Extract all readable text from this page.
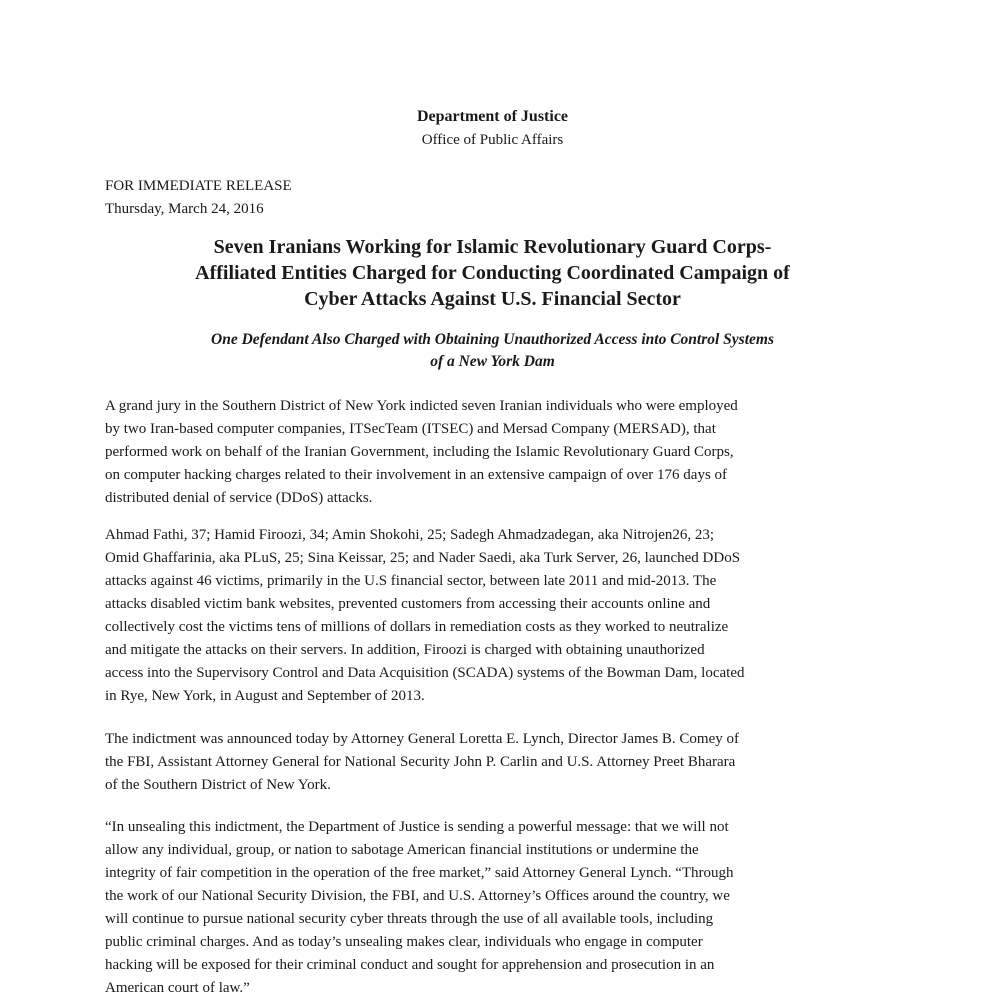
Department of Justice
Office of Public Affairs
FOR IMMEDIATE RELEASE
Thursday, March 24, 2016
Seven Iranians Working for Islamic Revolutionary Guard Corps-
Affiliated Entities Charged for Conducting Coordinated Campaign of
Cyber Attacks Against U.S. Financial Sector
One Defendant Also Charged with Obtaining Unauthorized Access into Control Systems
of a New York Dam
A grand jury in the Southern District of New York indicted seven Iranian individuals who were employed
by two Iran-based computer companies, ITSecTeam (ITSEC) and Mersad Company (MERSAD), that
performed work on behalf of the Iranian Government, including the Islamic Revolutionary Guard Corps,
on computer hacking charges related to their involvement in an extensive campaign of over 176 days of
distributed denial of service (DDoS) attacks.
Ahmad Fathi, 37; Hamid Firoozi, 34; Amin Shokohi, 25; Sadegh Ahmadzadegan, aka Nitrojen26, 23;
Omid Ghaffarinia, aka PLuS, 25; Sina Keissar, 25; and Nader Saedi, aka Turk Server, 26, launched DDoS
attacks against 46 victims, primarily in the U.S financial sector, between late 2011 and mid-2013. The
attacks disabled victim bank websites, prevented customers from accessing their accounts online and
collectively cost the victims tens of millions of dollars in remediation costs as they worked to neutralize
and mitigate the attacks on their servers. In addition, Firoozi is charged with obtaining unauthorized
access into the Supervisory Control and Data Acquisition (SCADA) systems of the Bowman Dam, located
in Rye, New York, in August and September of 2013.
The indictment was announced today by Attorney General Loretta E. Lynch, Director James B. Comey of
the FBI, Assistant Attorney General for National Security John P. Carlin and U.S. Attorney Preet Bharara
of the Southern District of New York.
“In unsealing this indictment, the Department of Justice is sending a powerful message: that we will not
allow any individual, group, or nation to sabotage American financial institutions or undermine the
integrity of fair competition in the operation of the free market,” said Attorney General Lynch. “Through
the work of our National Security Division, the FBI, and U.S. Attorney’s Offices around the country, we
will continue to pursue national security cyber threats through the use of all available tools, including
public criminal charges. And as today’s unsealing makes clear, individuals who engage in computer
hacking will be exposed for their criminal conduct and sought for apprehension and prosecution in an
American court of law.”
